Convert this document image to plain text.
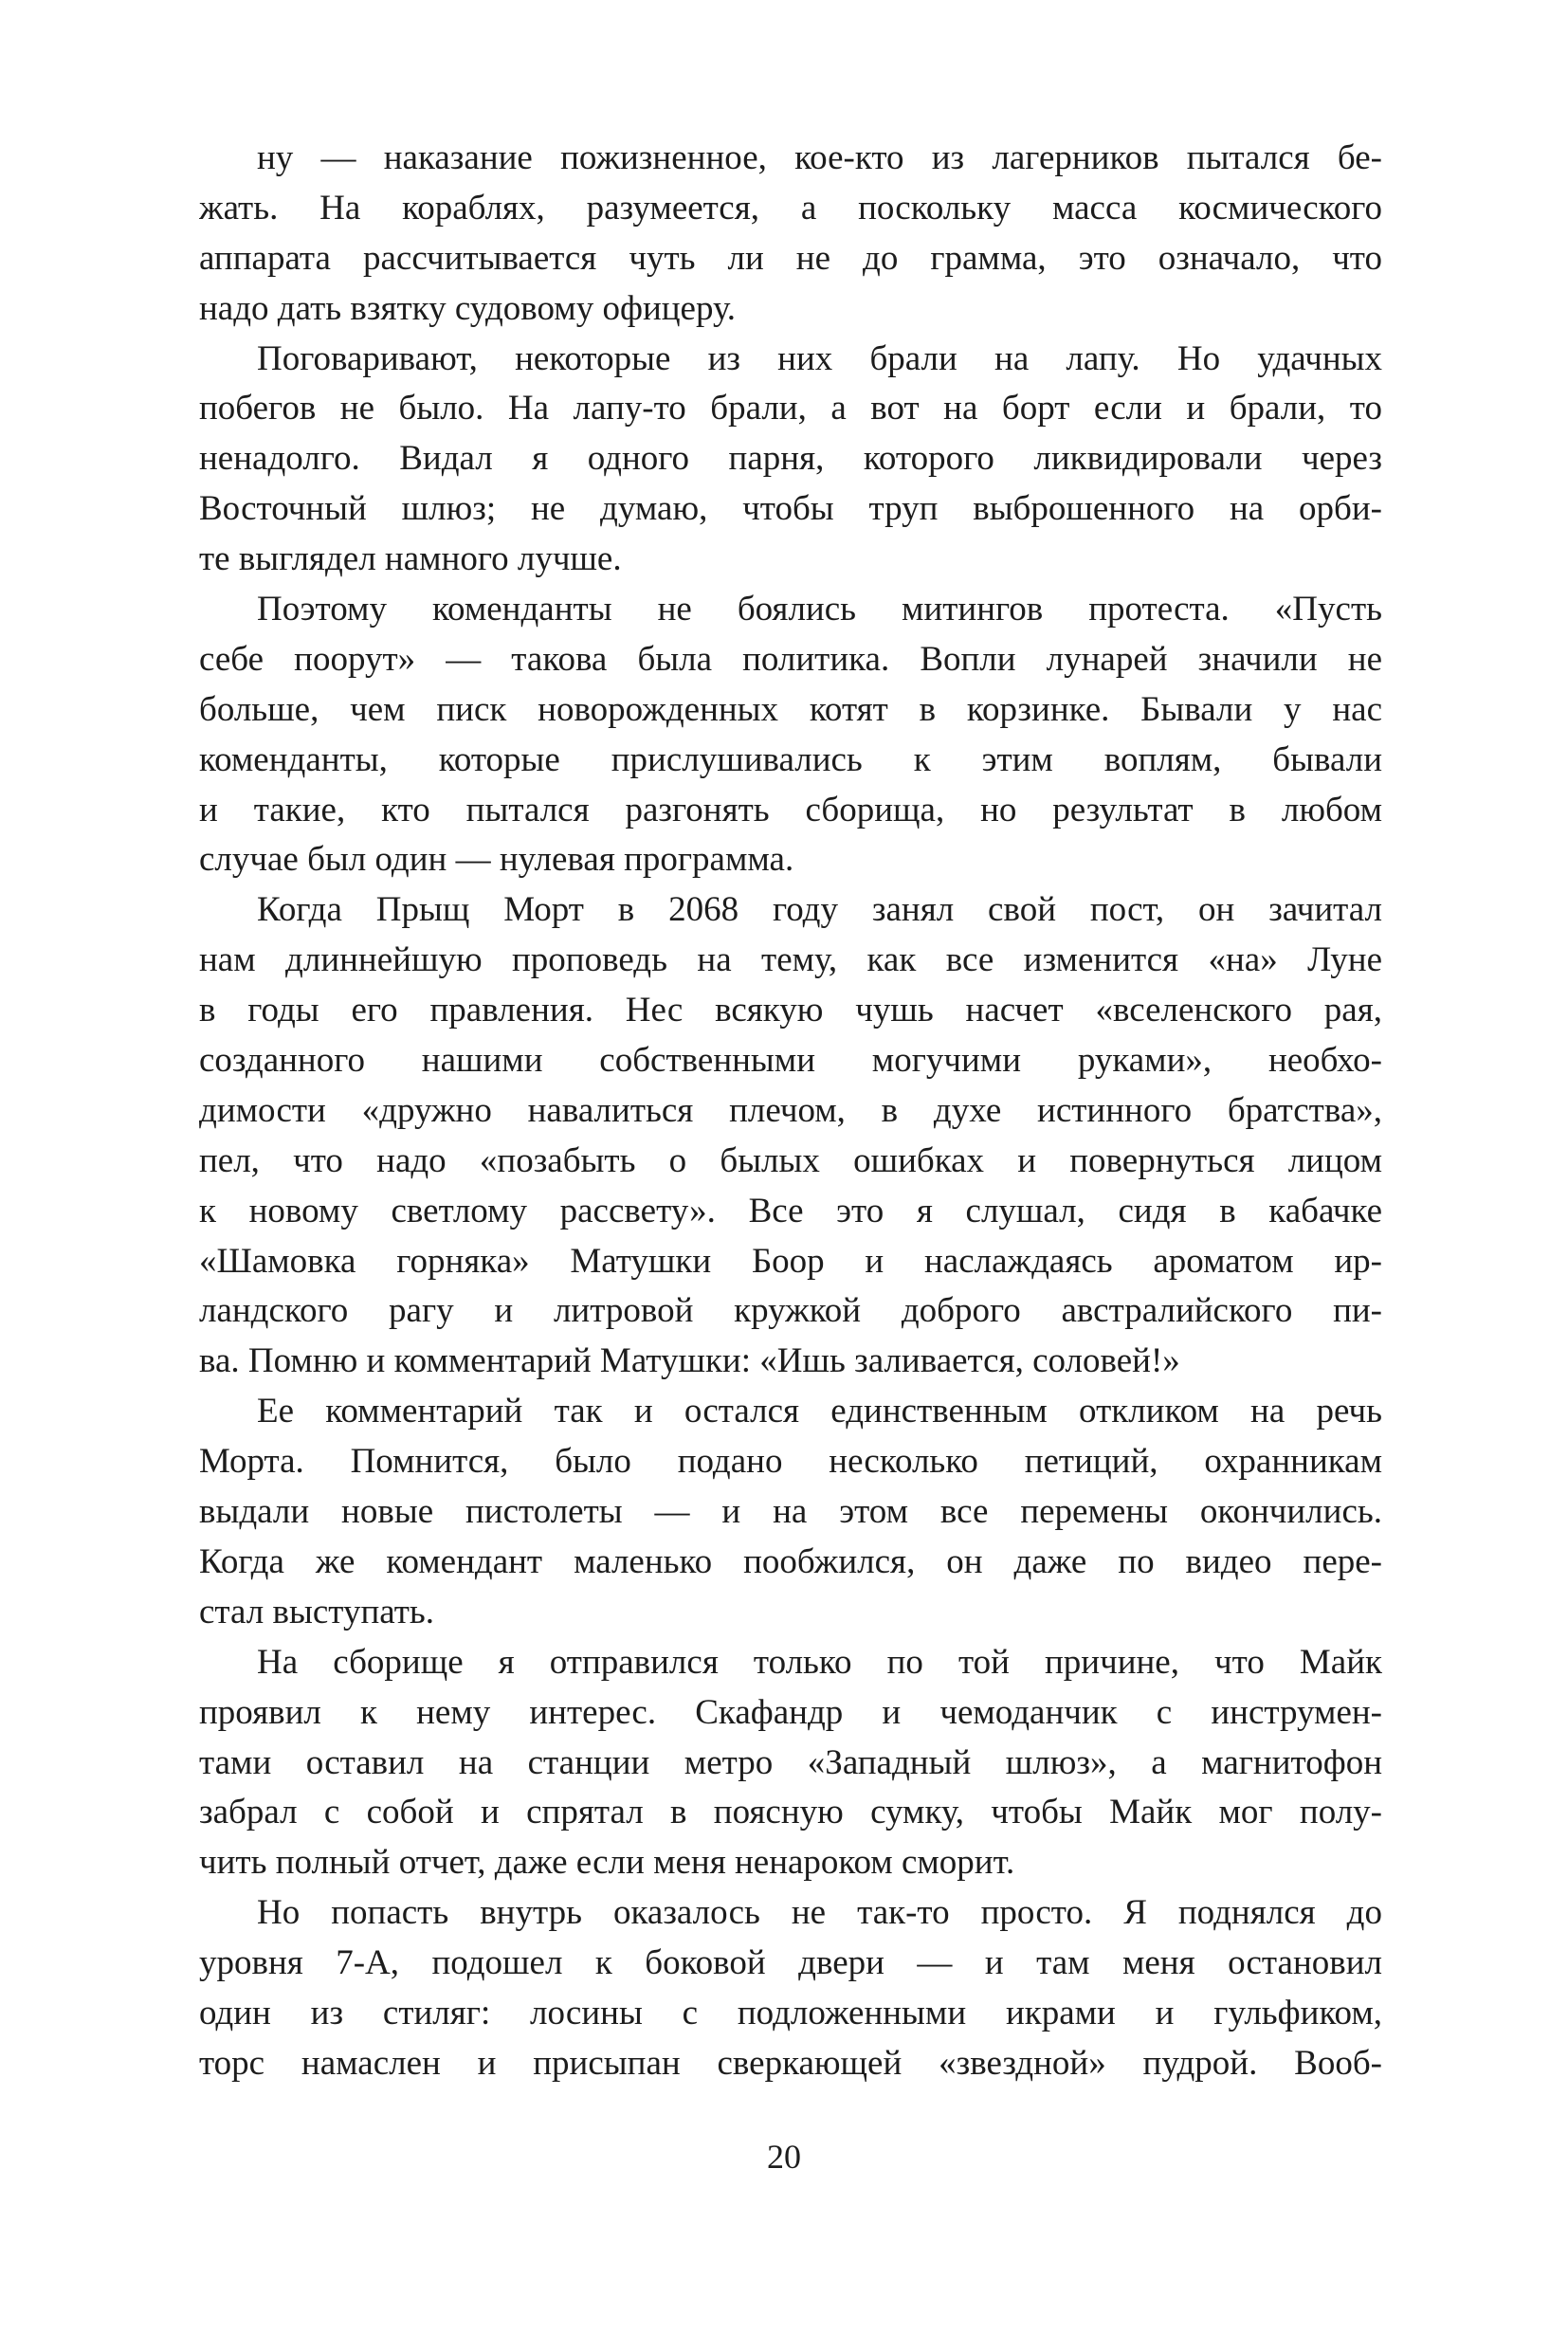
ну — наказание пожизненное, кое-кто из лагерников пытался бе-
жать. На кораблях, разумеется, а поскольку масса космического
аппарата рассчитывается чуть ли не до грамма, это означало, что
надо дать взятку судовому офицеру.
Поговаривают, некоторые из них брали на лапу. Но удачных
побегов не было. На лапу-то брали, а вот на борт если и брали, то
ненадолго. Видал я одного парня, которого ликвидировали через
Восточный шлюз; не думаю, чтобы труп выброшенного на орби-
те выглядел намного лучше.
Поэтому коменданты не боялись митингов протеста. «Пусть
себе поорут» — такова была политика. Вопли лунарей значили не
больше, чем писк новорожденных котят в корзинке. Бывали у нас
коменданты, которые прислушивались к этим воплям, бывали
и такие, кто пытался разгонять сборища, но результат в любом
случае был один — нулевая программа.
Когда Прыщ Морт в 2068 году занял свой пост, он зачитал
нам длиннейшую проповедь на тему, как все изменится «на» Луне
в годы его правления. Нес всякую чушь насчет «вселенского рая,
созданного нашими собственными могучими руками», необхо-
димости «дружно навалиться плечом, в духе истинного братства»,
пел, что надо «позабыть о былых ошибках и повернуться лицом
к новому светлому рассвету». Все это я слушал, сидя в кабачке
«Шамовка горняка» Матушки Боор и наслаждаясь ароматом ир-
ландского рагу и литровой кружкой доброго австралийского пи-
ва. Помню и комментарий Матушки: «Ишь заливается, соловей!»
Ее комментарий так и остался единственным откликом на речь
Морта. Помнится, было подано несколько петиций, охранникам
выдали новые пистолеты — и на этом все перемены окончились.
Когда же комендант маленько пообжился, он даже по видео пере-
стал выступать.
На сборище я отправился только по той причине, что Майк
проявил к нему интерес. Скафандр и чемоданчик с инструмен-
тами оставил на станции метро «Западный шлюз», а магнитофон
забрал с собой и спрятал в поясную сумку, чтобы Майк мог полу-
чить полный отчет, даже если меня ненароком сморит.
Но попасть внутрь оказалось не так-то просто. Я поднялся до
уровня 7-А, подошел к боковой двери — и там меня остановил
один из стиляг: лосины с подложенными икрами и гульфиком,
торс намаслен и присыпан сверкающей «звездной» пудрой. Вооб-
20
